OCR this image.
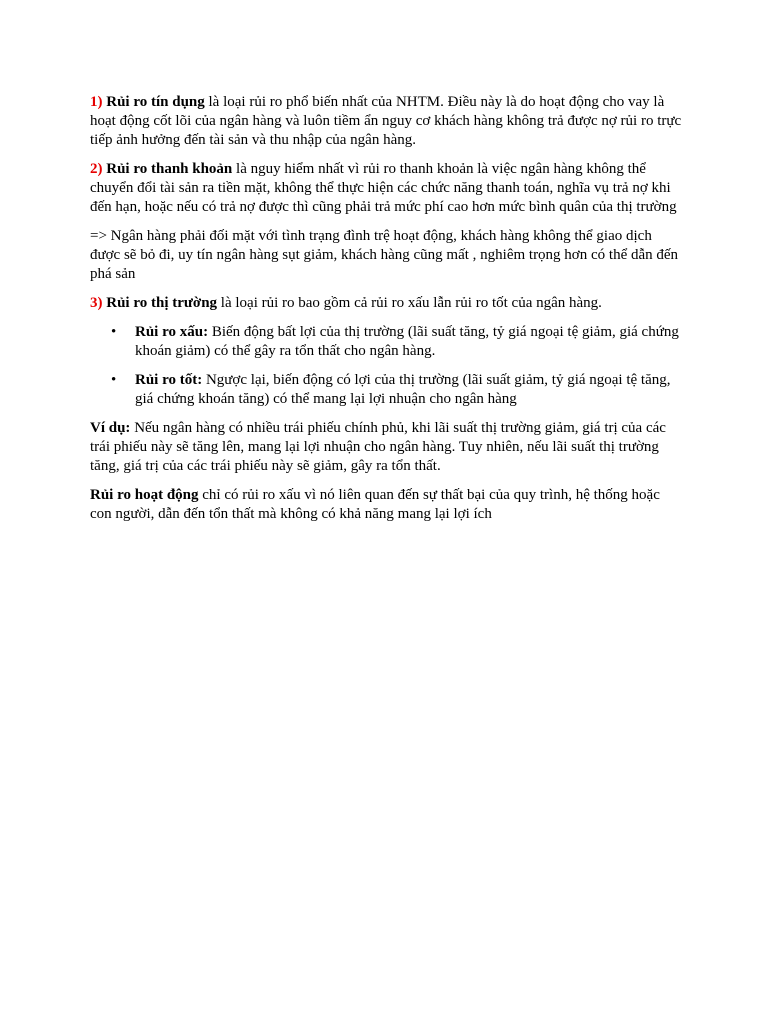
1) Rủi ro tín dụng là loại rủi ro phổ biến nhất của NHTM. Điều này là do hoạt động cho vay là hoạt động cốt lõi của ngân hàng và luôn tiềm ẩn nguy cơ khách hàng không trả được nợ rủi ro trực tiếp ảnh hưởng đến tài sản và thu nhập của ngân hàng.

2) Rủi ro thanh khoản là nguy hiểm nhất vì rủi ro thanh khoản là việc ngân hàng không thể chuyển đổi tài sản ra tiền mặt, không thể thực hiện các chức năng thanh toán, nghĩa vụ trả nợ khi đến hạn, hoặc nếu có trả nợ được thì cũng phải trả mức phí cao hơn mức bình quân của thị trường

=> Ngân hàng phải đối mặt với tình trạng đình trệ hoạt động, khách hàng không thể giao dịch được sẽ bỏ đi, uy tín ngân hàng sụt giảm, khách hàng cũng mất , nghiêm trọng hơn có thể dẫn đến phá sản

3) Rủi ro thị trường là loại rủi ro bao gồm cả rủi ro xấu lẫn rủi ro tốt của ngân hàng.

• Rủi ro xấu: Biến động bất lợi của thị trường (lãi suất tăng, tỷ giá ngoại tệ giảm, giá chứng khoán giảm) có thể gây ra tổn thất cho ngân hàng.
• Rủi ro tốt: Ngược lại, biến động có lợi của thị trường (lãi suất giảm, tỷ giá ngoại tệ tăng, giá chứng khoán tăng) có thể mang lại lợi nhuận cho ngân hàng

Ví dụ: Nếu ngân hàng có nhiều trái phiếu chính phủ, khi lãi suất thị trường giảm, giá trị của các trái phiếu này sẽ tăng lên, mang lại lợi nhuận cho ngân hàng. Tuy nhiên, nếu lãi suất thị trường tăng, giá trị của các trái phiếu này sẽ giảm, gây ra tổn thất.

Rủi ro hoạt động chỉ có rủi ro xấu vì nó liên quan đến sự thất bại của quy trình, hệ thống hoặc con người, dẫn đến tổn thất mà không có khả năng mang lại lợi ích
